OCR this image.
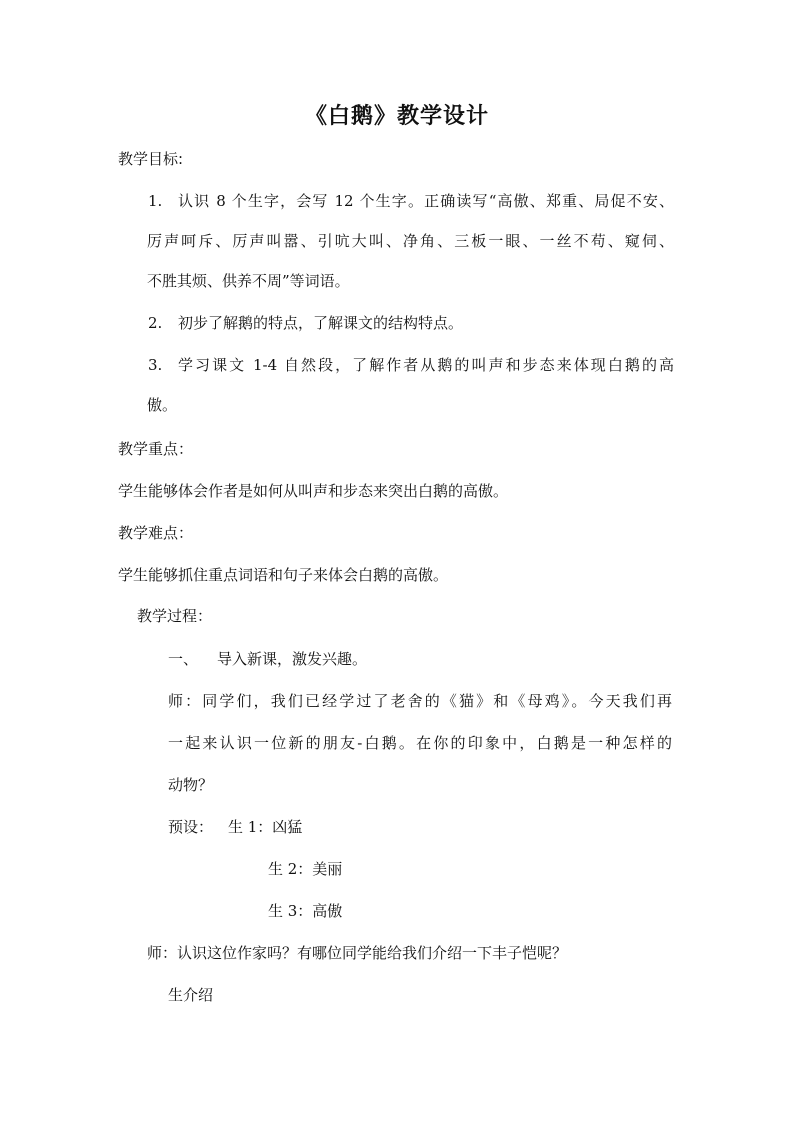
《白鹅》教学设计
教学目标:
1. 认识 8 个生字，会写 12 个生字。正确读写“高傲、郑重、局促不安、
厉声呵斥、厉声叫嚣、引吭大叫、净角、三板一眼、一丝不苟、窥伺、
不胜其烦、供养不周”等词语。
2. 初步了解鹅的特点，了解课文的结构特点。
3. 学习课文 1-4 自然段，了解作者从鹅的叫声和步态来体现白鹅的高
傲。
教学重点：
学生能够体会作者是如何从叫声和步态来突出白鹅的高傲。
教学难点：
学生能够抓住重点词语和句子来体会白鹅的高傲。
教学过程：
一、 导入新课，激发兴趣。
师：同学们，我们已经学过了老舍的《猫》和《母鸡》。今天我们再
一起来认识一位新的朋友-白鹅。在你的印象中，白鹅是一种怎样的
动物？
预设： 生 1：凶猛
生 2：美丽
生 3：高傲
师：认识这位作家吗？有哪位同学能给我们介绍一下丰子恺呢？
生介绍
